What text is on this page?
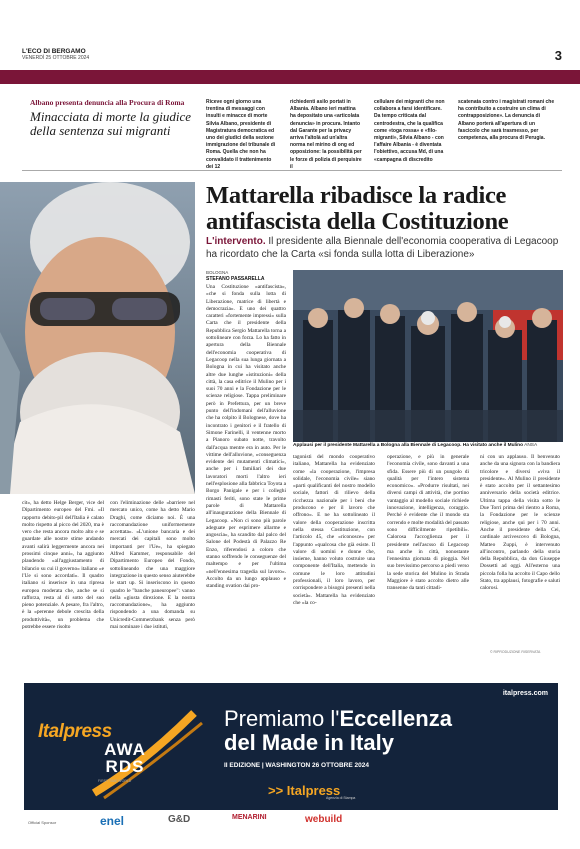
L'ECO DI BERGAMO
VENERDÌ 25 OTTOBRE 2024	3
Albano presenta denuncia alla Procura di Roma
Minacciata di morte la giudice della sentenza sui migranti
Riceve ogni giorno una trentina di messaggi con insulti e minacce di morte Silvia Albano, presidente di Magistratura democratica ed uno dei giudici della sezione immigrazione del tribunale di Roma. Quella che non ha convalidato il trattenimento dei 12
richiedenti asilo portati in Albania. Albano ieri mattina ha depositato una «articolata denuncia» in procura. Intanto dal Garante per la privacy arriva l'altolà ad un'altra norma nel mirino di ong ed opposizione: la possibilità per le forze di polizia di perquisire il
cellulare dei migranti che non collabora a farsi identificare. Da tempo criticata dal centrodestra, che la qualifica come «toga rossa» e «filo-migranti», Silvia Albano - con l'affaire Albania - è diventata l'obiettivo, accusa Md, di una «campagna di discredito
scatenata contro i magistrati romani che ha contribuito a costruire un clima di contrapposizione». La denuncia di Albano porterà all'apertura di un fascicolo che sarà trasmesso, per competenza, alla procura di Perugia.
Mattarella ribadisce la radice antifascista della Costituzione
L'intervento. Il presidente alla Biennale dell'economia cooperativa di Legacoop ha ricordato che la Carta «si fonda sulla lotta di Liberazione»
BOLOGNA
STEFANO PASSARELLA
Una Costituzione «antifascista», «che si fonda sulla lotta di Liberazione, matrice di libertà e democrazia». E uno dei quattro caratteri «fortemente impressi» sulla Carta che il presidente della Repubblica Sergio Mattarella torna a sottolineare con forza. Lo ha fatto in apertura della Biennale dell'economia cooperativa di Legacoop nella sua lunga giornata a Bologna in cui ha visitato anche altre due lunghe «istituzioni» della città, la casa editrice il Mulino per i suoi 70 anni e la Fondazione per le scienze religiose. Tappa preliminare però in Prefettura, per un breve punto dell'indomani dell'alluvione che ha colpito il Bolognese, dove ha incontrato i genitori e il fratello di Simone Farinelli, il ventenne morto a Pianoro subato notte, travolto dall'acqua mentre era in auto. Per le vittime dell'alluvione, «conseguenza evidente dei mutamenti climatici», anche per i familiari dei due lavoratori morti l'altro ieri nell'esplosione alla fabbrica Toyota a Borgo Panigale e per i colleghi rimasti feriti, sono state le prime parole di Mattarella all'inaugurazione della Biennale di Legacoop. «Non ci sono più parole adeguate per esprimere allarme e angoscia», ha scandito dal palco del Salone del Podestà di Palazzo Re Enzo, riferendosi a coloro che stanno soffrendo le conseguenze del maltempo e per l'ultima «nell'ennesima tragedia sul lavoro». Accolto da un lungo applauso e standing ovation dai pro-
Applausi per il presidente Mattarella a Bologna alla Biennale di Legacoop. Ha visitato anche il Mulino ANSA
cit», ha detto Helge Berger, vice del Dipartimento europeo del Fmi. «Il rapporto debito-pil dell'Italia è calato molto rispetto al picco del 2020, ma è vero che resta ancora molto alto e se guardate alle nostre stime andando avanti salirà leggermente ancora nei prossimi cinque anni», ha aggiunto plaudendo «all'aggiustamento di bilancio su cui il governo» italiano «e l'Ue si sono accordati». Il quadro italiano si inserisce in una ripresa europea moderata che, anche se si rafforza, resta al di sotto del suo pieno potenziale. A pesare, fra l'altro, è la «perenne debole crescita della produttività», un problema che potrebbe essere risolto
con l'eliminazione delle «barriere nel mercato unico, come ha detto Mario Draghi, come diciamo noi. È una raccomandazione uniformemente accettata». «L'unione bancaria e dei mercati dei capitali sono molto importanti per l'Ue», ha spiegato Alfred Kammer, responsabile del Dipartimento Europeo del Fondo, sottolineando che una maggiore integrazione in questo senso aiuterebbe le start up. Si inseriscono in questo quadro le "banche paneuropee": vanno nella «giusta direzione. E la nostra raccomandazione», ha aggiunto rispondendo a una domanda su Unicredit-Commerzbank senza però mai nominare i due istituti,
tagonisti del mondo cooperativo italiano, Mattarella ha evidenziato come «la cooperazione, l'impresa solidale, l'economia civile» siano «parti qualificanti del nostro modello sociale, fattori di rilievo della ricchezza nazionale per i beni che producono e per il lavoro che offrono». E ne ha sottolineato il valore della cooperazione inscritta nella stessa Costituzione, con l'articolo 45, che «riconosce» per l'appunto «qualcosa che già esiste. Il valore di uomini e donne che, insieme, hanno voluto costruire una componente dell'Italia, mettendo in comune le loro attitudini professionali, il loro lavoro, per corrispondere a bisogni presenti nella società». Mattarella ha evidenziato che «la co-
operazione, e più in generale l'economia civile, sono davanti a una sfida. Essere più di un pungolo di qualità per l'intero sistema economico». «Produrre risultati, nei diversi campi di attività, che portino vantaggio al modello sociale richiede innovazione, intelligenza, coraggio. Perché è evidente che il mondo sta correndo e molte modalità del passato sono difficilmente ripetibili». Calorosa l'accoglienza per il presidente nell'ascsso di Legacoop ma anche in città, nonostante l'ennesima giornata di pioggia. Nel suo brevissimo percorso a piedi verso la sede storica del Mulino in Strada Maggiore è stato accolto dietro alle transenne da tanti cittadi-
ni con un applauso. Il benvenuto anche da una signora con la bandiera tricolore e diversi «viva il presidente». Al Mulino il presidente è stato accolto per il settantesimo anniversario della società editrice. Ultima tappa della visita sotto le Due Torri prima del rientro a Roma, la Fondazione per le scienze religiose, anche qui per i 70 anni. Anche il presidente della Cei, cardinale arcivescovo di Bologna, Matteo Zuppi, è intervenuto all'incontro, parlando della storia della Repubblica, da don Giuseppe Dossetti ad oggi. All'esterno una piccola folla ha accolto il Capo dello Stato, tra applausi, fotografie e saluti calorosi.
© RIPRODUZIONE RISERVATA
italpress.com
Italpress
AWA RDS
FIRST TIME WORLD
Premiamo l'Eccellenza
del Made in Italy
II EDIZIONE | WASHINGTON 26 OTTOBRE 2024
>> Italpress
Agenzia di Stampa
Official Sponsor	enel	G&D	MENARINI	webuild
